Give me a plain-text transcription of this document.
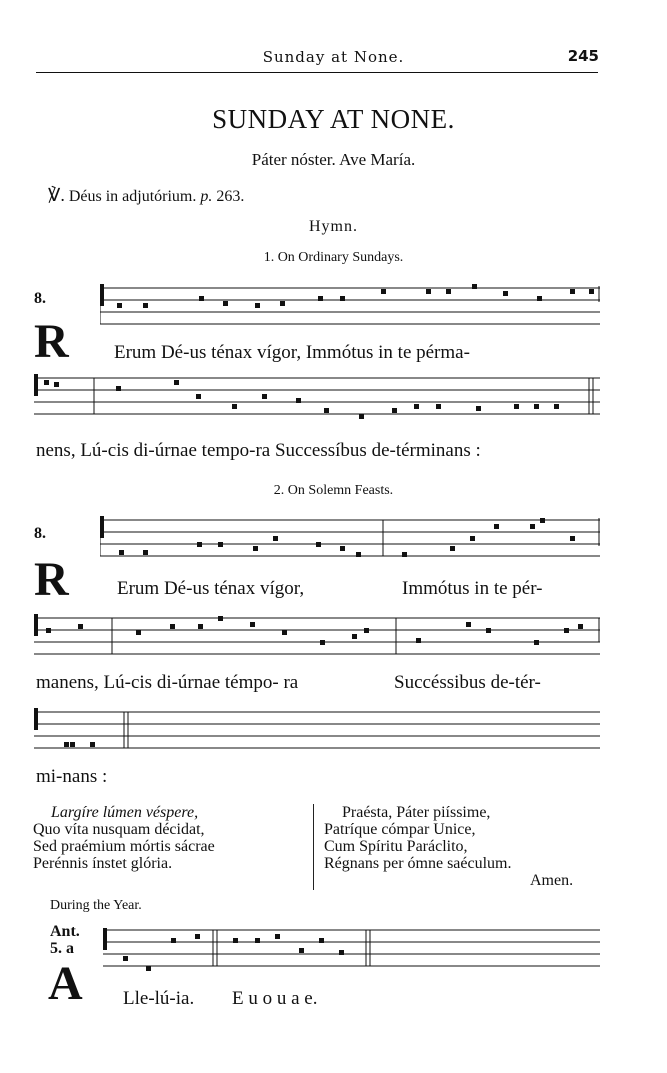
Sunday at None.	245
SUNDAY AT NONE.
Páter nóster. Ave María.
℣. Déus in adjutórium. p. 263.
Hymn.
1. On Ordinary Sundays.
8.
R Erum Dé-us ténax vígor, Immótus in te pérma-
nens, Lú-cis di-úrnae tempo-ra Successíbus de-términans :
2. On Solemn Feasts.
8.
R	Erum Dé-us ténax vígor,	Immótus in te pér-
manens, Lú-cis di-úrnae témpo- ra	Succéssibus de-tér-
mi-nans :
Largíre lúmen véspere,
Quo víta nusquam décidat,
Sed praémium mórtis sácrae
Perénnis ínstet glória.
Praésta, Páter piíssime,
Patríque cómpar Unice,
Cum Spíritu Paráclito,
Régnans per ómne saéculum.
Amen.
During the Year.
Ant.
5. a
A Lle-lú-ia. E u o u a e.
